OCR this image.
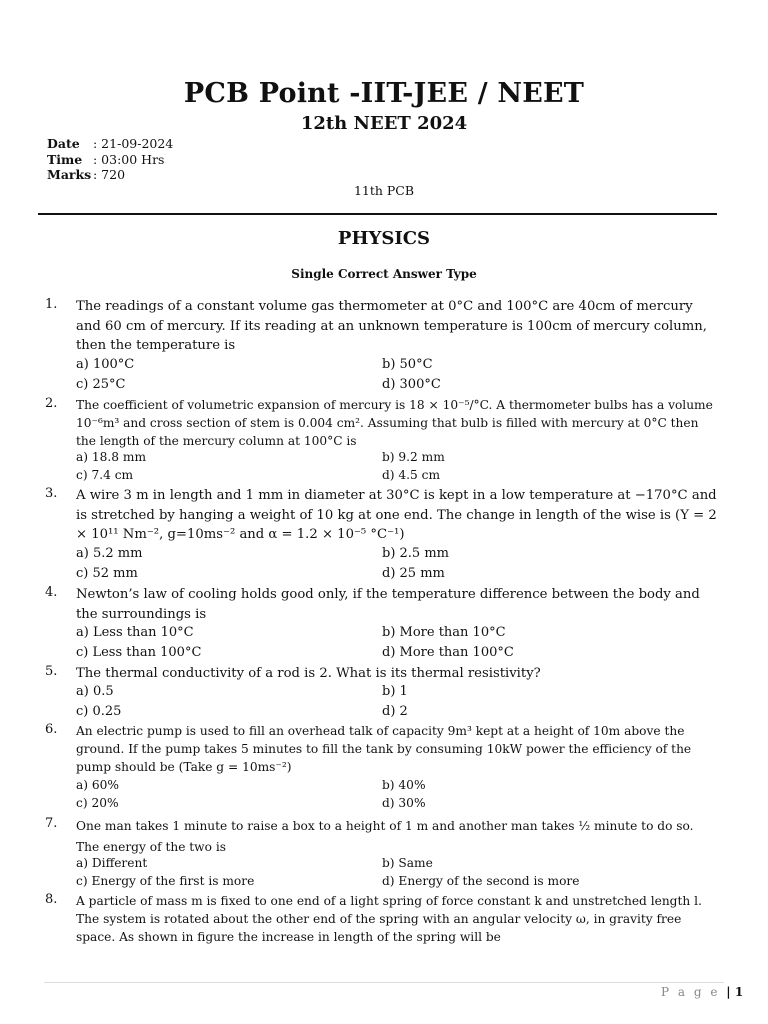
PCB Point -IIT-JEE / NEET
12th NEET 2024
Date	: 21-09-2024
Time : 03:00 Hrs
Marks : 720
11th PCB
PHYSICS
Single Correct Answer Type
1. The readings of a constant volume gas thermometer at 0°C and 100°C are 40cm of mercury and 60 cm of mercury. If its reading at an unknown temperature is 100cm of mercury column, then the temperature is
a) 100°C	b) 50°C
c) 25°C	d) 300°C
2. The coefficient of volumetric expansion of mercury is 18 × 10⁻⁵/°C. A thermometer bulbs has a volume 10⁻⁶m³ and cross section of stem is 0.004 cm². Assuming that bulb is filled with mercury at 0°C then the length of the mercury column at 100°C is
a) 18.8 mm	b) 9.2 mm
c) 7.4 cm	d) 4.5 cm
3. A wire 3 m in length and 1 mm in diameter at 30°C is kept in a low temperature at −170°C and is stretched by hanging a weight of 10 kg at one end. The change in length of the wise is (Y = 2 × 10¹¹ Nm⁻², g=10ms⁻² and α = 1.2 × 10⁻⁵ °C⁻¹)
a) 5.2 mm	b) 2.5 mm
c) 52 mm	d) 25 mm
4. Newton’s law of cooling holds good only, if the temperature difference between the body and the surroundings is
a) Less than 10°C	b) More than 10°C
c) Less than 100°C	d) More than 100°C
5. The thermal conductivity of a rod is 2. What is its thermal resistivity?
a) 0.5	b) 1
c) 0.25	d) 2
6. An electric pump is used to fill an overhead talk of capacity 9m³ kept at a height of 10m above the ground. If the pump takes 5 minutes to fill the tank by consuming 10kW power the efficiency of the pump should be (Take g = 10ms⁻²)
a) 60%	b) 40%
c) 20%	d) 30%
7. One man takes 1 minute to raise a box to a height of 1 m and another man takes ½ minute to do so. The energy of the two is
a) Different	b) Same
c) Energy of the first is more	d) Energy of the second is more
8. A particle of mass m is fixed to one end of a light spring of force constant k and unstretched length l. The system is rotated about the other end of the spring with an angular velocity ω, in gravity free space. As shown in figure the increase in length of the spring will be
P a g e | 1
